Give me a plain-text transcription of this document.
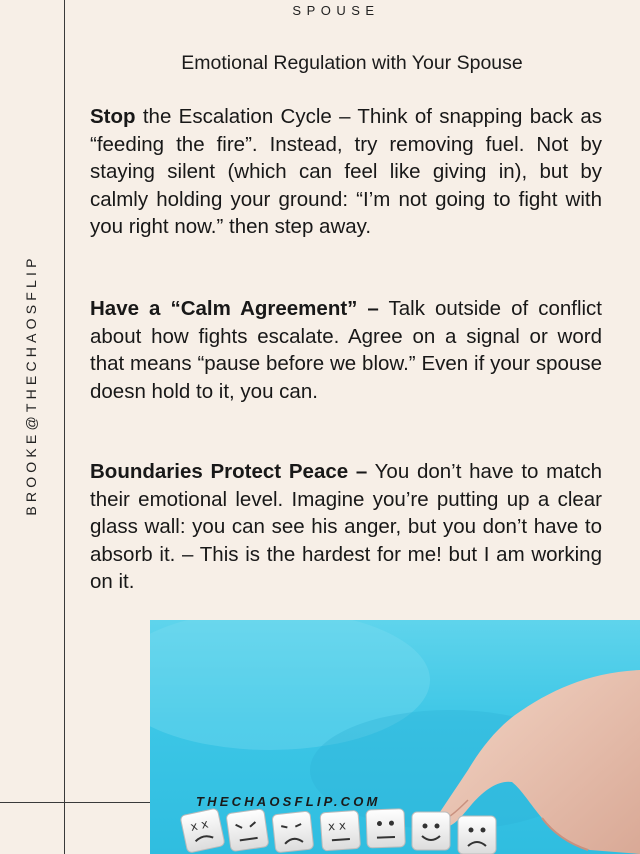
SPOUSE
BROOKE@THECHAOSFLIP
Emotional Regulation with Your Spouse
Stop the Escalation Cycle – Think of snapping back as “feeding the fire”. Instead, try removing fuel. Not by staying silent (which can feel like giving in), but by calmly holding your ground: “I’m not going to fight with you right now.” then step away.
Have a “Calm Agreement” – Talk outside of conflict about how fights escalate. Agree on a signal or word that means “pause before we blow.” Even if your spouse doesn hold to it, you can.
Boundaries Protect Peace – You don’t have to match their emotional level. Imagine you’re putting up a clear glass wall: you can see his anger, but you don’t have to absorb it. – This is the hardest for me! but I am working on it.
x x	x x
THECHAOSFLIP.COM
